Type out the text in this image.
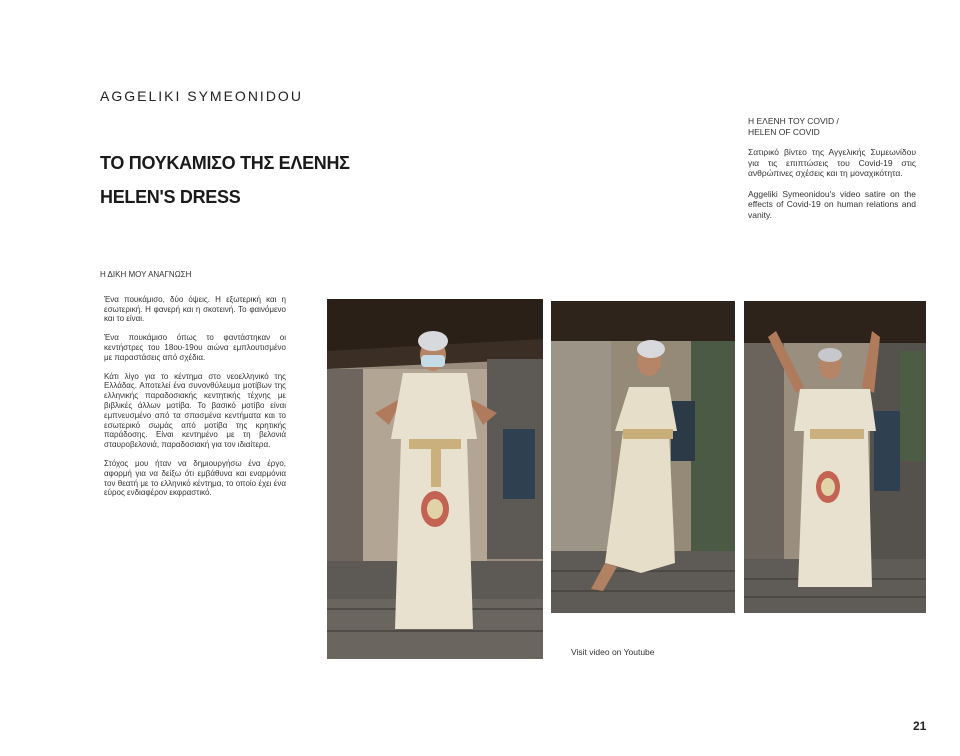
AGGELIKI SYMEONIDOU
ΤΟ ΠΟΥΚΑΜΙΣΟ ΤΗΣ ΕΛΕΝΗΣ
HELEN'S DRESS
Η ΕΛΕΝΗ ΤΟΥ COVID /
HELEN OF COVID
Σατιρικό βίντεο της Αγγελικής Συμεωνίδου για τις επιπτώσεις του Covid-19 στις ανθρώπινες σχέσεις και τη μοναχικότητα.
Aggeliki Symeonidou's video satire on the effects of Covid-19 on human relations and vanity.
Η ΔΙΚΗ ΜΟΥ ΑΝΑΓΝΩΣΗ
Ένα πουκάμισο, δύο όψεις. Η εξωτερική και η εσωτερική. Η φανερή και η σκοτεινή. Το φαινόμενο και το είναι.
Ένα πουκάμισο όπως το φαντάστηκαν οι κεντήστρες του 18ου-19ου αιώνα εμπλουτισμένο με παραστάσεις από σχέδια.
Κάτι λίγο για το κέντημα στο νεοελληνικό της Ελλάδας. Αποτελεί ένα συνονθύλευμα μοτίβων της ελληνικής παραδοσιακής κεντητικής τέχνης με βιβλικές άλλων μοτίβα. Το βασικό μοτίβο είναι εμπνευσμένο από τα σπασμένα κεντήματα και το εσωτερικό σωμάς από μοτίβα της κρητικής παράδοσης. Είναι κεντημένο με τη βελονιά σταυροβελονιά, παραδοσιακή για τον ιδιαίτερα.
Στόχος μου ήταν να δημιουργήσω ένα έργο, αφορμή για να δείξω ότι εμβάθυνα και εναρμόνια τον θεατή με το ελληνικό κέντημα, το οποίο έχει ένα εύρος ενδιαφέρον εκφραστικό.
Visit video on Youtube
21
